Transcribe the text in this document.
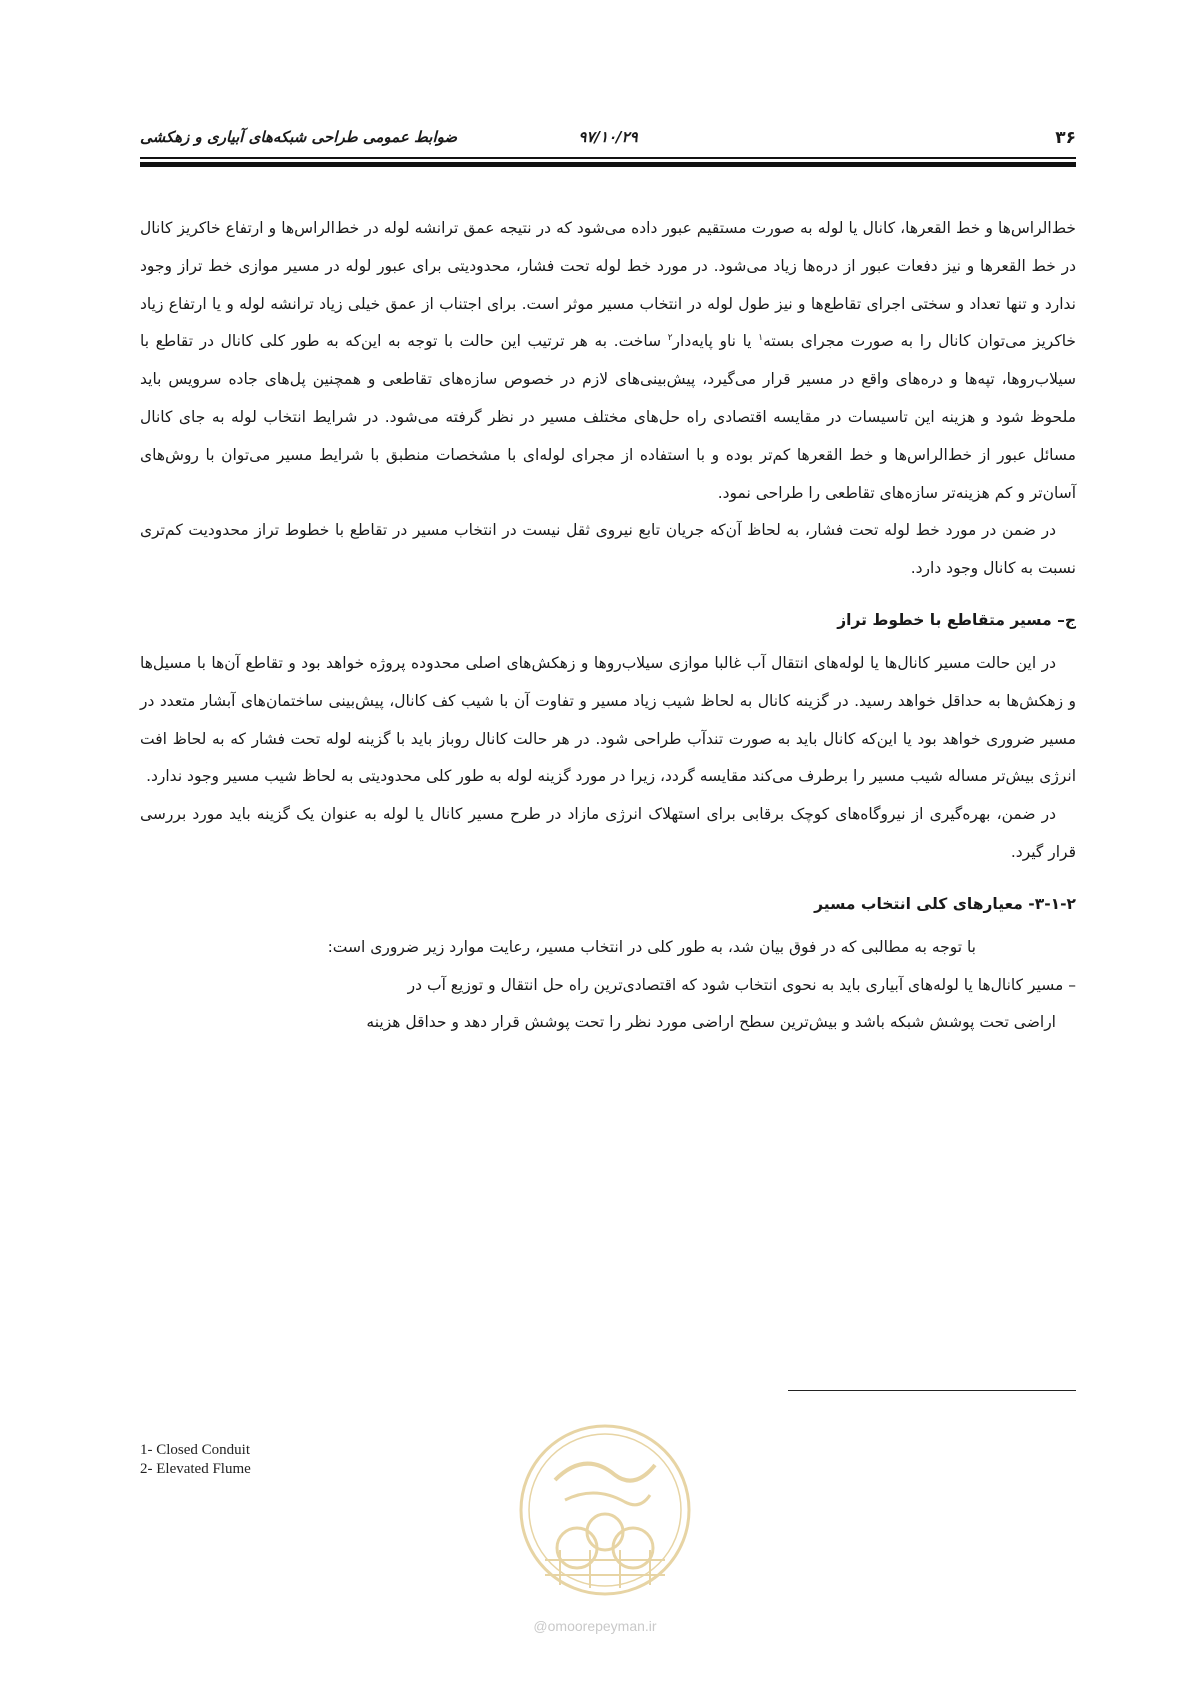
۳۶
۹۷/۱۰/۲۹
ضوابط عمومی طراحی شبکه‌های آبیاری و زهکشی

خط‌الراس‌ها و خط القعرها، کانال یا لوله به صورت مستقیم عبور داده می‌شود که در نتیجه عمق ترانشه لوله در خط‌الراس‌ها و ارتفاع خاکریز کانال در خط القعرها و نیز دفعات عبور از دره‌ها زیاد می‌شود. در مورد خط لوله تحت فشار، محدودیتی برای عبور لوله در مسیر موازی خط تراز وجود ندارد و تنها تعداد و سختی اجرای تقاطع‌ها و نیز طول لوله در انتخاب مسیر موثر است. برای اجتناب از عمق خیلی زیاد ترانشه لوله و یا ارتفاع زیاد خاکریز می‌توان کانال را به صورت مجرای بسته$^۱$ یا ناو پایه‌دار$^۲$ ساخت. به هر ترتیب این حالت با توجه به این‌که به طور کلی کانال در تقاطع با سیلاب‌روها، تپه‌ها و دره‌های واقع در مسیر قرار می‌گیرد، پیش‌بینی‌های لازم در خصوص سازه‌های تقاطعی و همچنین پل‌های جاده سرویس باید ملحوظ شود و هزینه این تاسیسات در مقایسه اقتصادی راه حل‌های مختلف مسیر در نظر گرفته می‌شود. در شرایط انتخاب لوله به جای کانال مسائل عبور از خط‌الراس‌ها و خط القعرها کم‌تر بوده و با استفاده از مجرای لوله‌ای با مشخصات منطبق با شرایط مسیر می‌توان با روش‌های آسان‌تر و کم هزینه‌تر سازه‌های تقاطعی را طراحی نمود.

در ضمن در مورد خط لوله تحت فشار، به لحاظ آن‌که جریان تابع نیروی ثقل نیست در انتخاب مسیر در تقاطع با خطوط تراز محدودیت کم‌تری نسبت به کانال وجود دارد.

ج– مسیر متقاطع با خطوط تراز

در این حالت مسیر کانال‌ها یا لوله‌های انتقال آب غالبا موازی سیلاب‌روها و زهکش‌های اصلی محدوده پروژه خواهد بود و تقاطع آن‌ها با مسیل‌ها و زهکش‌ها به حداقل خواهد رسید. در گزینه کانال به لحاظ شیب زیاد مسیر و تفاوت آن با شیب کف کانال، پیش‌بینی ساختمان‌های آبشار متعدد در مسیر ضروری خواهد بود یا این‌که کانال باید به صورت تندآب طراحی شود. در هر حالت کانال روباز باید با گزینه لوله تحت فشار که به لحاظ افت انرژی بیش‌تر مساله شیب مسیر را برطرف می‌کند مقایسه گردد، زیرا در مورد گزینه لوله به طور کلی محدودیتی به لحاظ شیب مسیر وجود ندارد.

در ضمن، بهره‌گیری از نیروگاه‌های کوچک برقابی برای استهلاک انرژی مازاد در طرح مسیر کانال یا لوله به عنوان یک گزینه باید مورد بررسی قرار گیرد.

۳-۱-۲- معیارهای کلی انتخاب مسیر

با توجه به مطالبی که در فوق بیان شد، به طور کلی در انتخاب مسیر، رعایت موارد زیر ضروری است:

– مسیر کانال‌ها یا لوله‌های آبیاری باید به نحوی انتخاب شود که اقتصادی‌ترین راه حل انتقال و توزیع آب در

اراضی تحت پوشش شبکه باشد و بیش‌ترین سطح اراضی مورد نظر را تحت پوشش قرار دهد و حداقل هزینه

1- Closed Conduit
2- Elevated Flume
@omoorepeyman.ir
